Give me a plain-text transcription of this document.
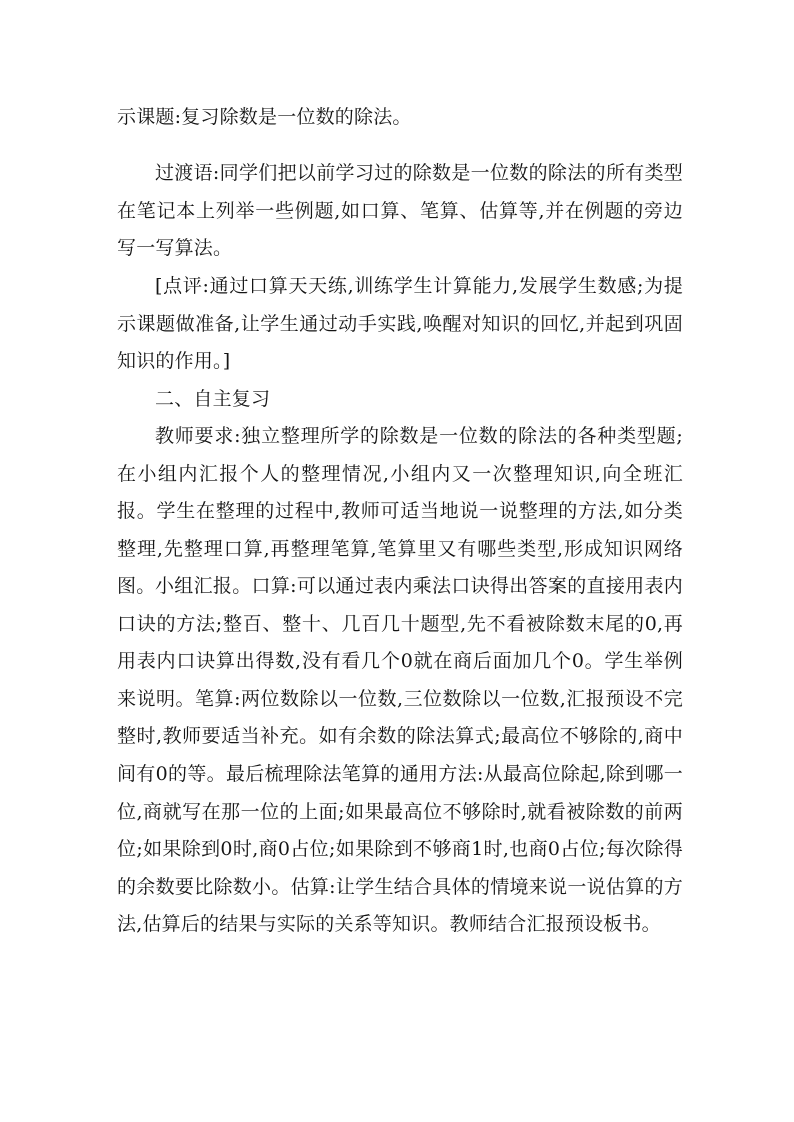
示课题:复习除数是一位数的除法。

过渡语:同学们把以前学习过的除数是一位数的除法的所有类型在笔记本上列举一些例题,如口算、笔算、估算等,并在例题的旁边写一写算法。

[点评:通过口算天天练,训练学生计算能力,发展学生数感;为提示课题做准备,让学生通过动手实践,唤醒对知识的回忆,并起到巩固知识的作用。]

二、自主复习

教师要求:独立整理所学的除数是一位数的除法的各种类型题;在小组内汇报个人的整理情况,小组内又一次整理知识,向全班汇报。学生在整理的过程中,教师可适当地说一说整理的方法,如分类整理,先整理口算,再整理笔算,笔算里又有哪些类型,形成知识网络图。 小组汇报。口算:可以通过表内乘法口诀得出答案的直接用表内口诀的方法;整百、整十、几百几十题型,先不看被除数末尾的0,再用表内口诀算出得数,没有看几个0就在商后面加几个0。学生举例来说明。笔算:两位数除以一位数,三位数除以一位数,汇报预设不完整时,教师要适当补充。如有余数的除法算式;最高位不够除的,商中间有0的等。最后梳理除法笔算的通用方法:从最高位除起,除到哪一位,商就写在那一位的上面;如果最高位不够除时,就看被除数的前两位;如果除到0时,商0占位;如果除到不够商1时,也商0占位;每次除得的余数要比除数小。估算:让学生结合具体的情境来说一说估算的方法,估算后的结果与实际的关系等知识。教师结合汇报预设板书。
